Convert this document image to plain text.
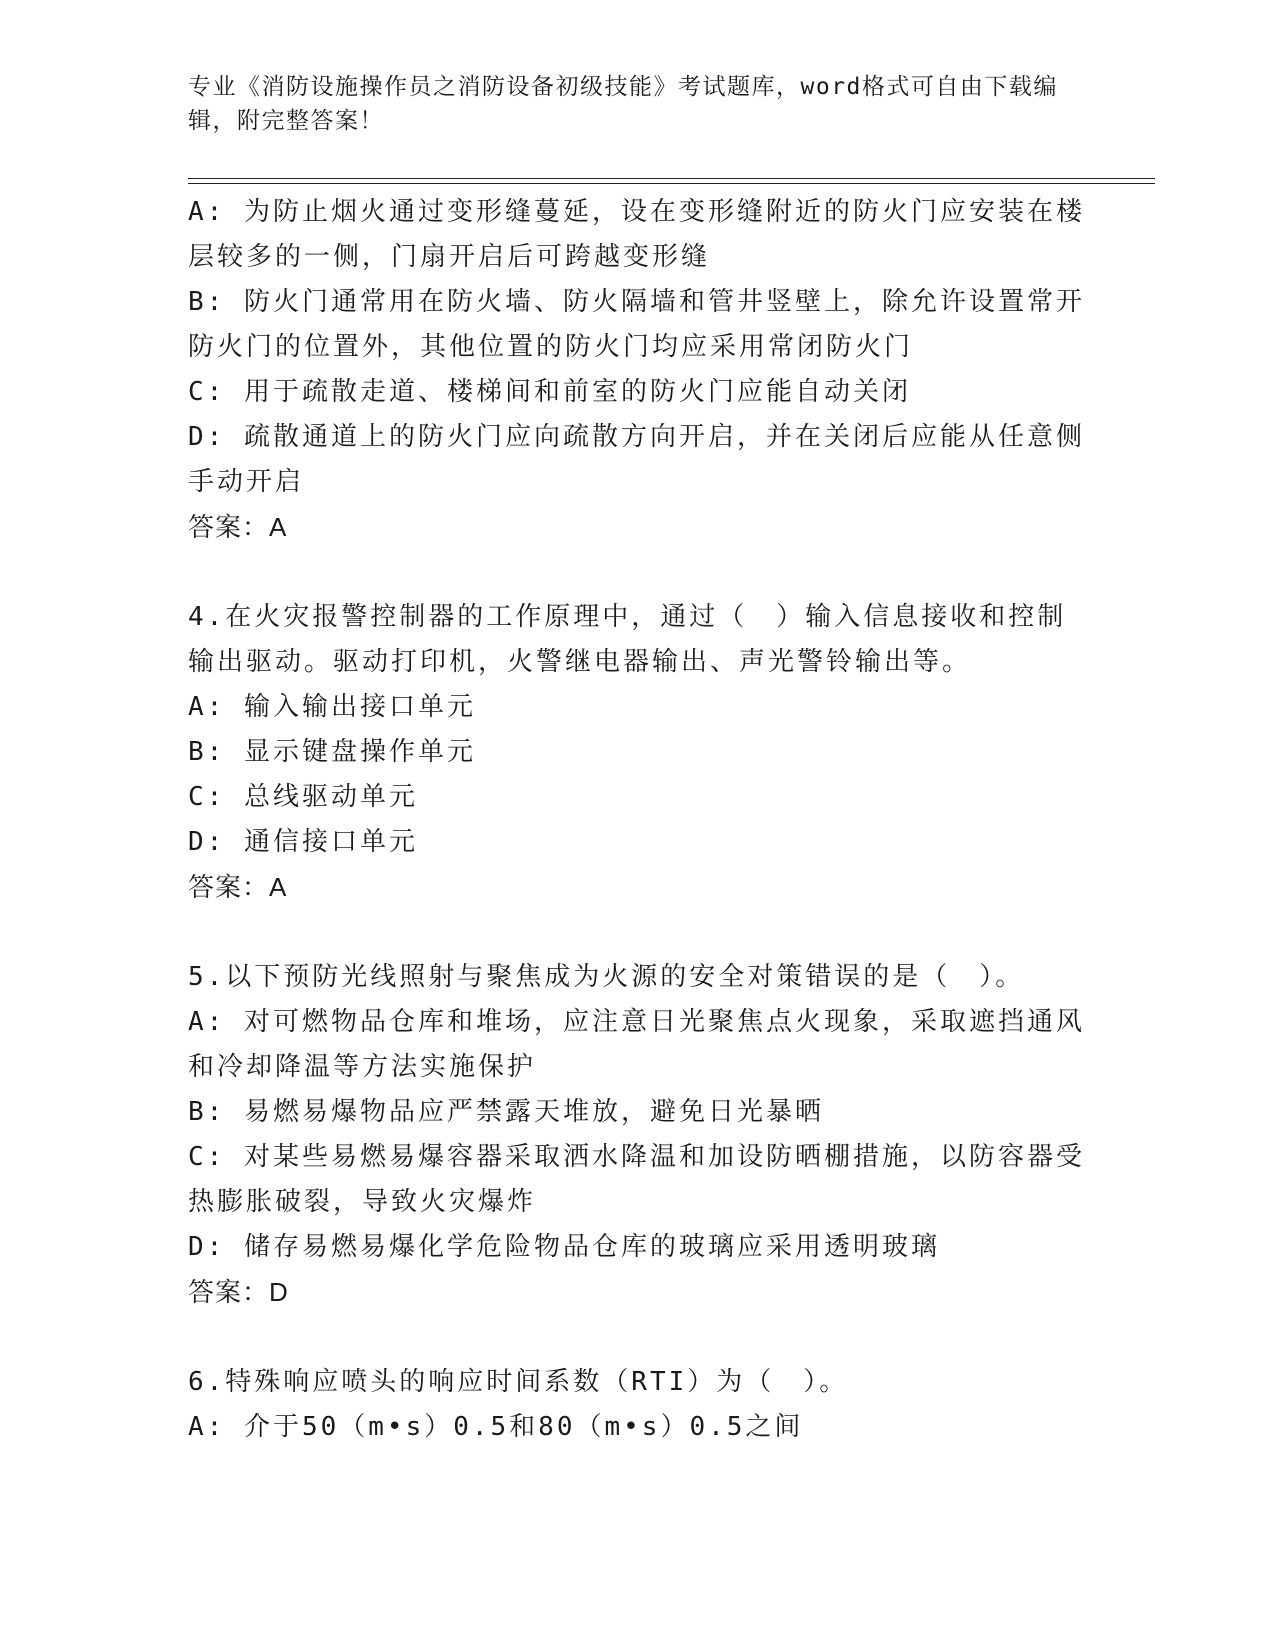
专业《消防设施操作员之消防设备初级技能》考试题库，word格式可自由下载编
辑，附完整答案！
A: 为防止烟火通过变形缝蔓延，设在变形缝附近的防火门应安装在楼
层较多的一侧，门扇开启后可跨越变形缝
B: 防火门通常用在防火墙、防火隔墙和管井竖壁上，除允许设置常开
防火门的位置外，其他位置的防火门均应采用常闭防火门
C: 用于疏散走道、楼梯间和前室的防火门应能自动关闭
D: 疏散通道上的防火门应向疏散方向开启，并在关闭后应能从任意侧
手动开启
答案：A
4.在火灾报警控制器的工作原理中，通过（　）输入信息接收和控制
输出驱动。驱动打印机，火警继电器输出、声光警铃输出等。
A: 输入输出接口单元
B: 显示键盘操作单元
C: 总线驱动单元
D: 通信接口单元
答案：A
5.以下预防光线照射与聚焦成为火源的安全对策错误的是（　）。
A: 对可燃物品仓库和堆场，应注意日光聚焦点火现象，采取遮挡通风
和冷却降温等方法实施保护
B: 易燃易爆物品应严禁露天堆放，避免日光暴晒
C: 对某些易燃易爆容器采取洒水降温和加设防晒棚措施，以防容器受
热膨胀破裂，导致火灾爆炸
D: 储存易燃易爆化学危险物品仓库的玻璃应采用透明玻璃
答案：D
6.特殊响应喷头的响应时间系数（RTI）为（　）。
A: 介于50（m•s）0.5和80（m•s）0.5之间
